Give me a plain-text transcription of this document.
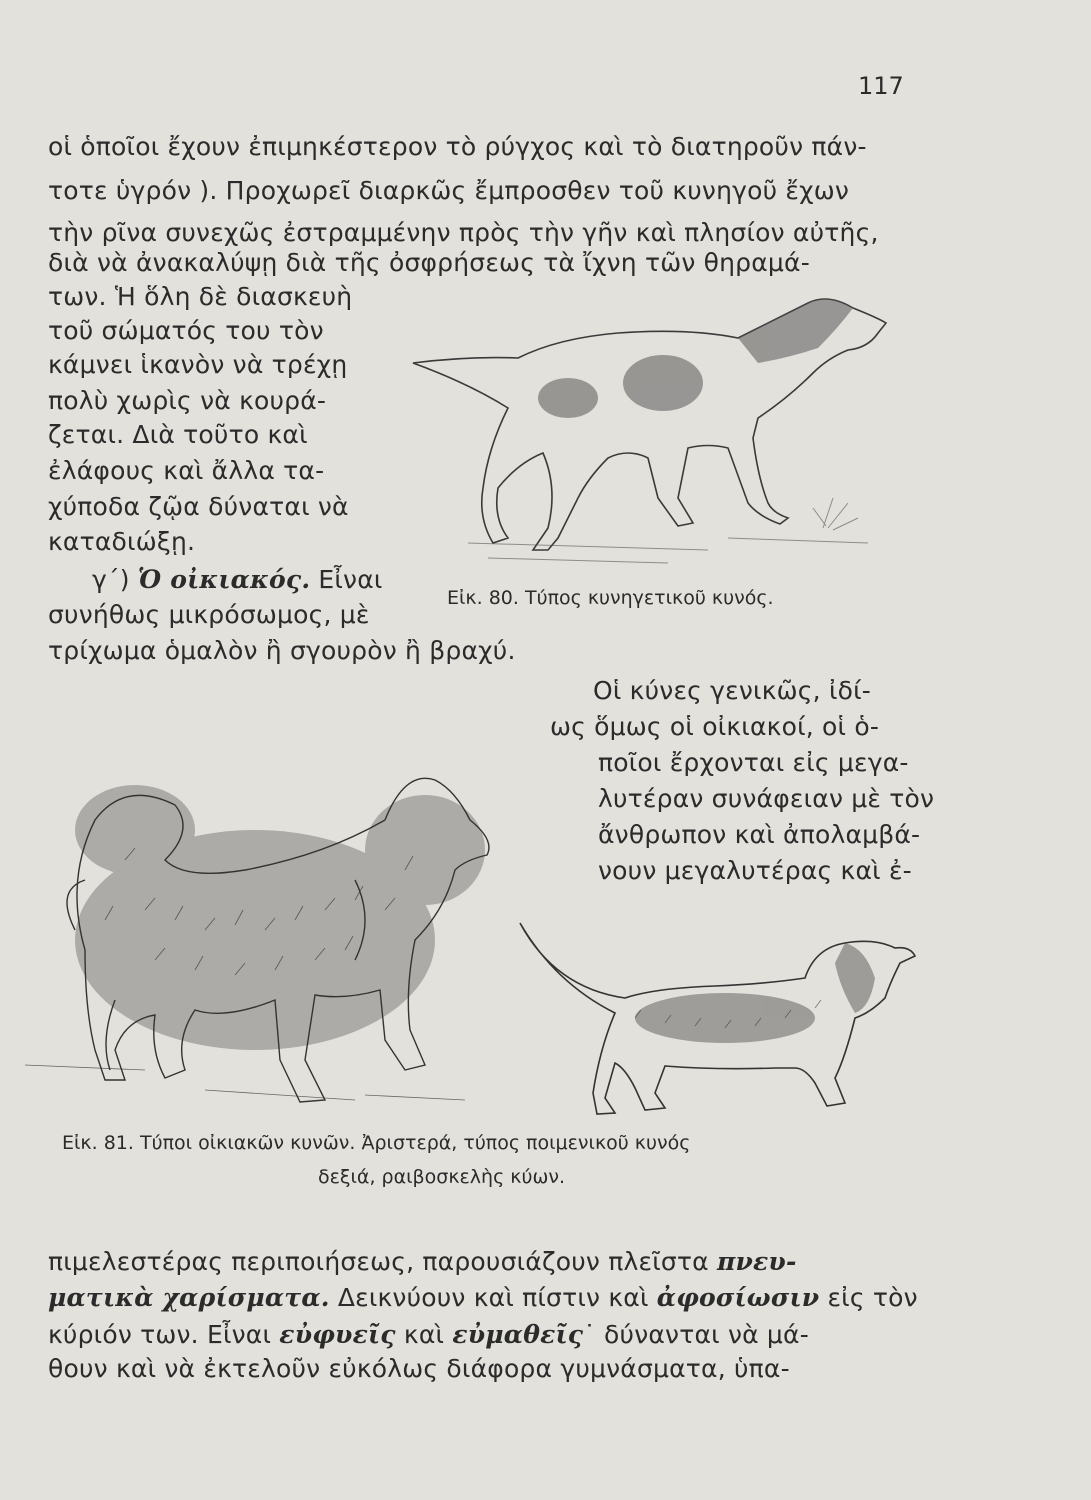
117
οἱ ὁποῖοι ἔχουν ἐπιμηκέστερον τὸ ρύγχος καὶ τὸ διατηροῦν πάν-
τοτε ὑγρόν ). Προχωρεῖ διαρκῶς ἔμπροσθεν τοῦ κυνηγοῦ ἔχων
τὴν ρῖνα συνεχῶς ἐστραμμένην πρὸς τὴν γῆν καὶ πλησίον αὐτῆς,
διὰ νὰ ἀνακαλύψῃ διὰ τῆς ὀσφρήσεως τὰ ἴχνη τῶν θηραμά-
των. Ἡ ὅλη δὲ διασκευὴ
τοῦ σώματός του τὸν
κάμνει ἱκανὸν νὰ τρέχῃ
πολὺ χωρὶς νὰ κουρά-
ζεται. Διὰ τοῦτο καὶ
ἐλάφους καὶ ἄλλα τα-
χύποδα ζῷα δύναται νὰ
καταδιώξῃ.
γ΄) Ὁ οἰκιακός. Εἶναι
συνήθως μικρόσωμος, μὲ
τρίχωμα ὁμαλὸν ἢ σγουρὸν ἢ βραχύ.
Εἰκ. 80. Τύπος κυνηγετικοῦ κυνός.
Οἱ κύνες γενικῶς, ἰδί-
ως ὅμως οἱ οἰκιακοί, οἱ ὁ-
ποῖοι ἔρχονται εἰς μεγα-
λυτέραν συνάφειαν μὲ τὸν
ἄνθρωπον καὶ ἀπολαμβά-
νουν μεγαλυτέρας καὶ ἐ-
Εἰκ. 81. Τύποι οἰκιακῶν κυνῶν. Ἀριστερά, τύπος ποιμενικοῦ κυνός
δεξιά, ραιβοσκελὴς κύων.
πιμελεστέρας περιποιήσεως, παρουσιάζουν πλεῖστα πνευ-
ματικὰ χαρίσματα. Δεικνύουν καὶ πίστιν καὶ ἀφοσίωσιν εἰς τὸν
κύριόν των. Εἶναι εὐφυεῖς καὶ εὐμαθεῖς˙ δύνανται νὰ μά-
θουν καὶ νὰ ἐκτελοῦν εὐκόλως διάφορα γυμνάσματα, ὑπα-
